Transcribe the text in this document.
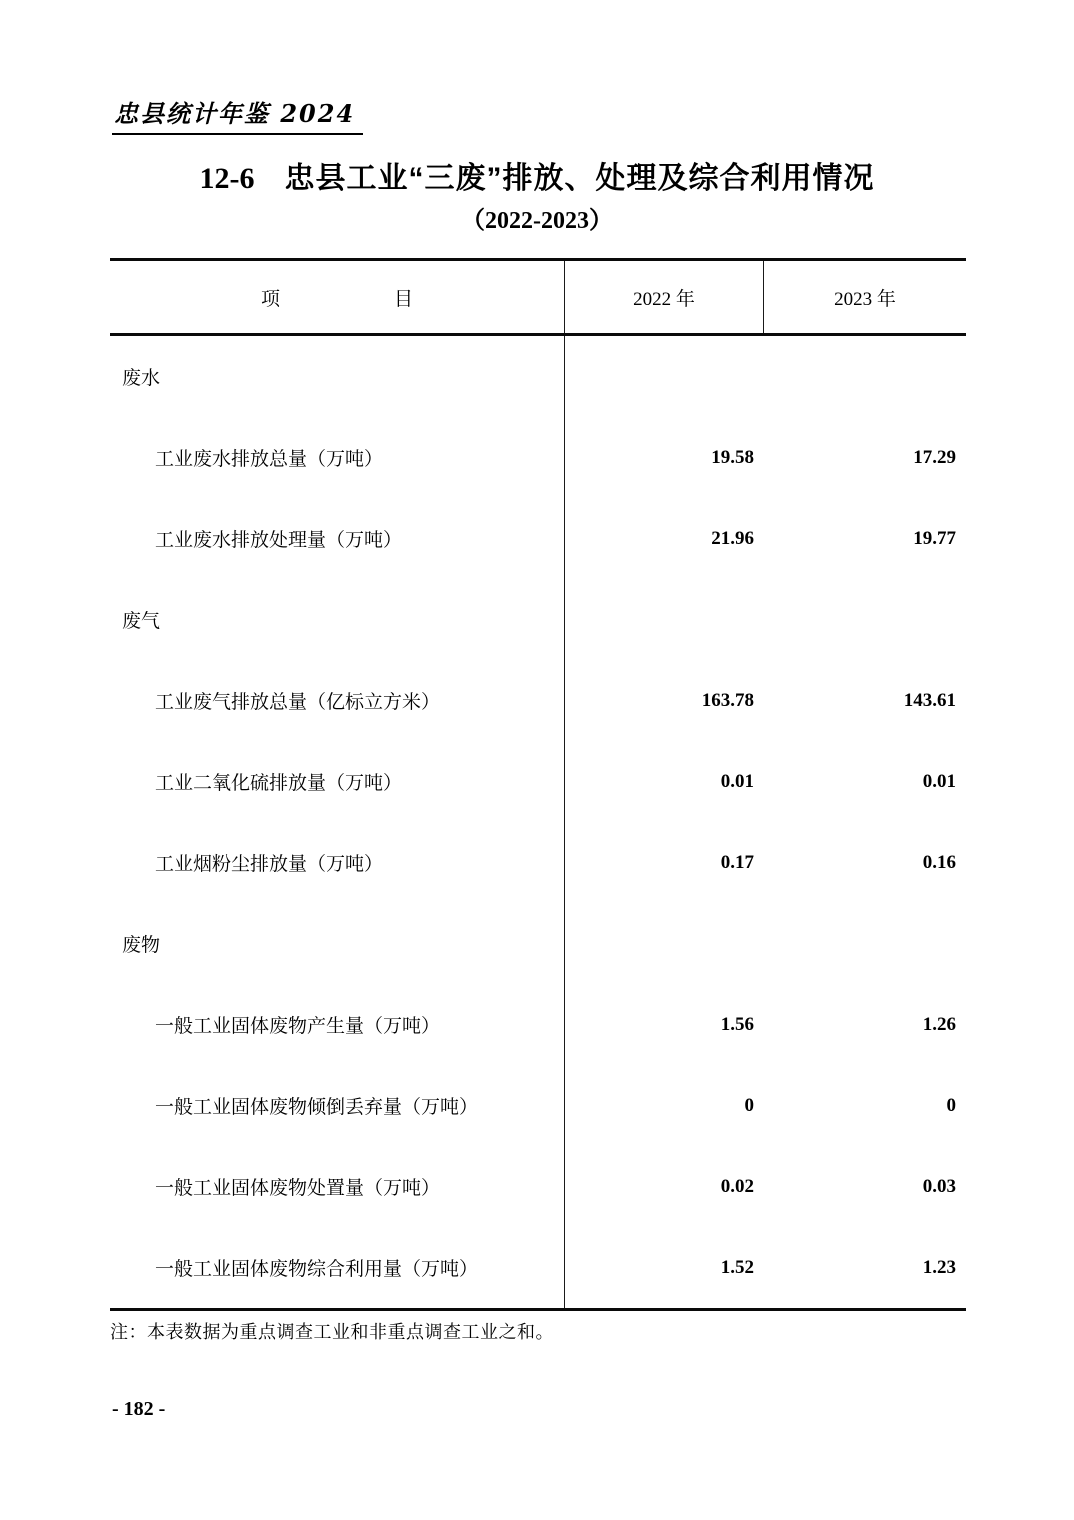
忠县统计年鉴 2024
12-6 忠县工业“三废”排放、处理及综合利用情况
（2022-2023）
项　　　　　　目	2022 年	2023 年
废水
工业废水排放总量（万吨）	19.58	17.29
工业废水排放处理量（万吨）	21.96	19.77
废气
工业废气排放总量（亿标立方米）	163.78	143.61
工业二氧化硫排放量（万吨）	0.01	0.01
工业烟粉尘排放量（万吨）	0.17	0.16
废物
一般工业固体废物产生量（万吨）	1.56	1.26
一般工业固体废物倾倒丢弃量（万吨）	0	0
一般工业固体废物处置量（万吨）	0.02	0.03
一般工业固体废物综合利用量（万吨）	1.52	1.23
注：本表数据为重点调查工业和非重点调查工业之和。
- 182 -
